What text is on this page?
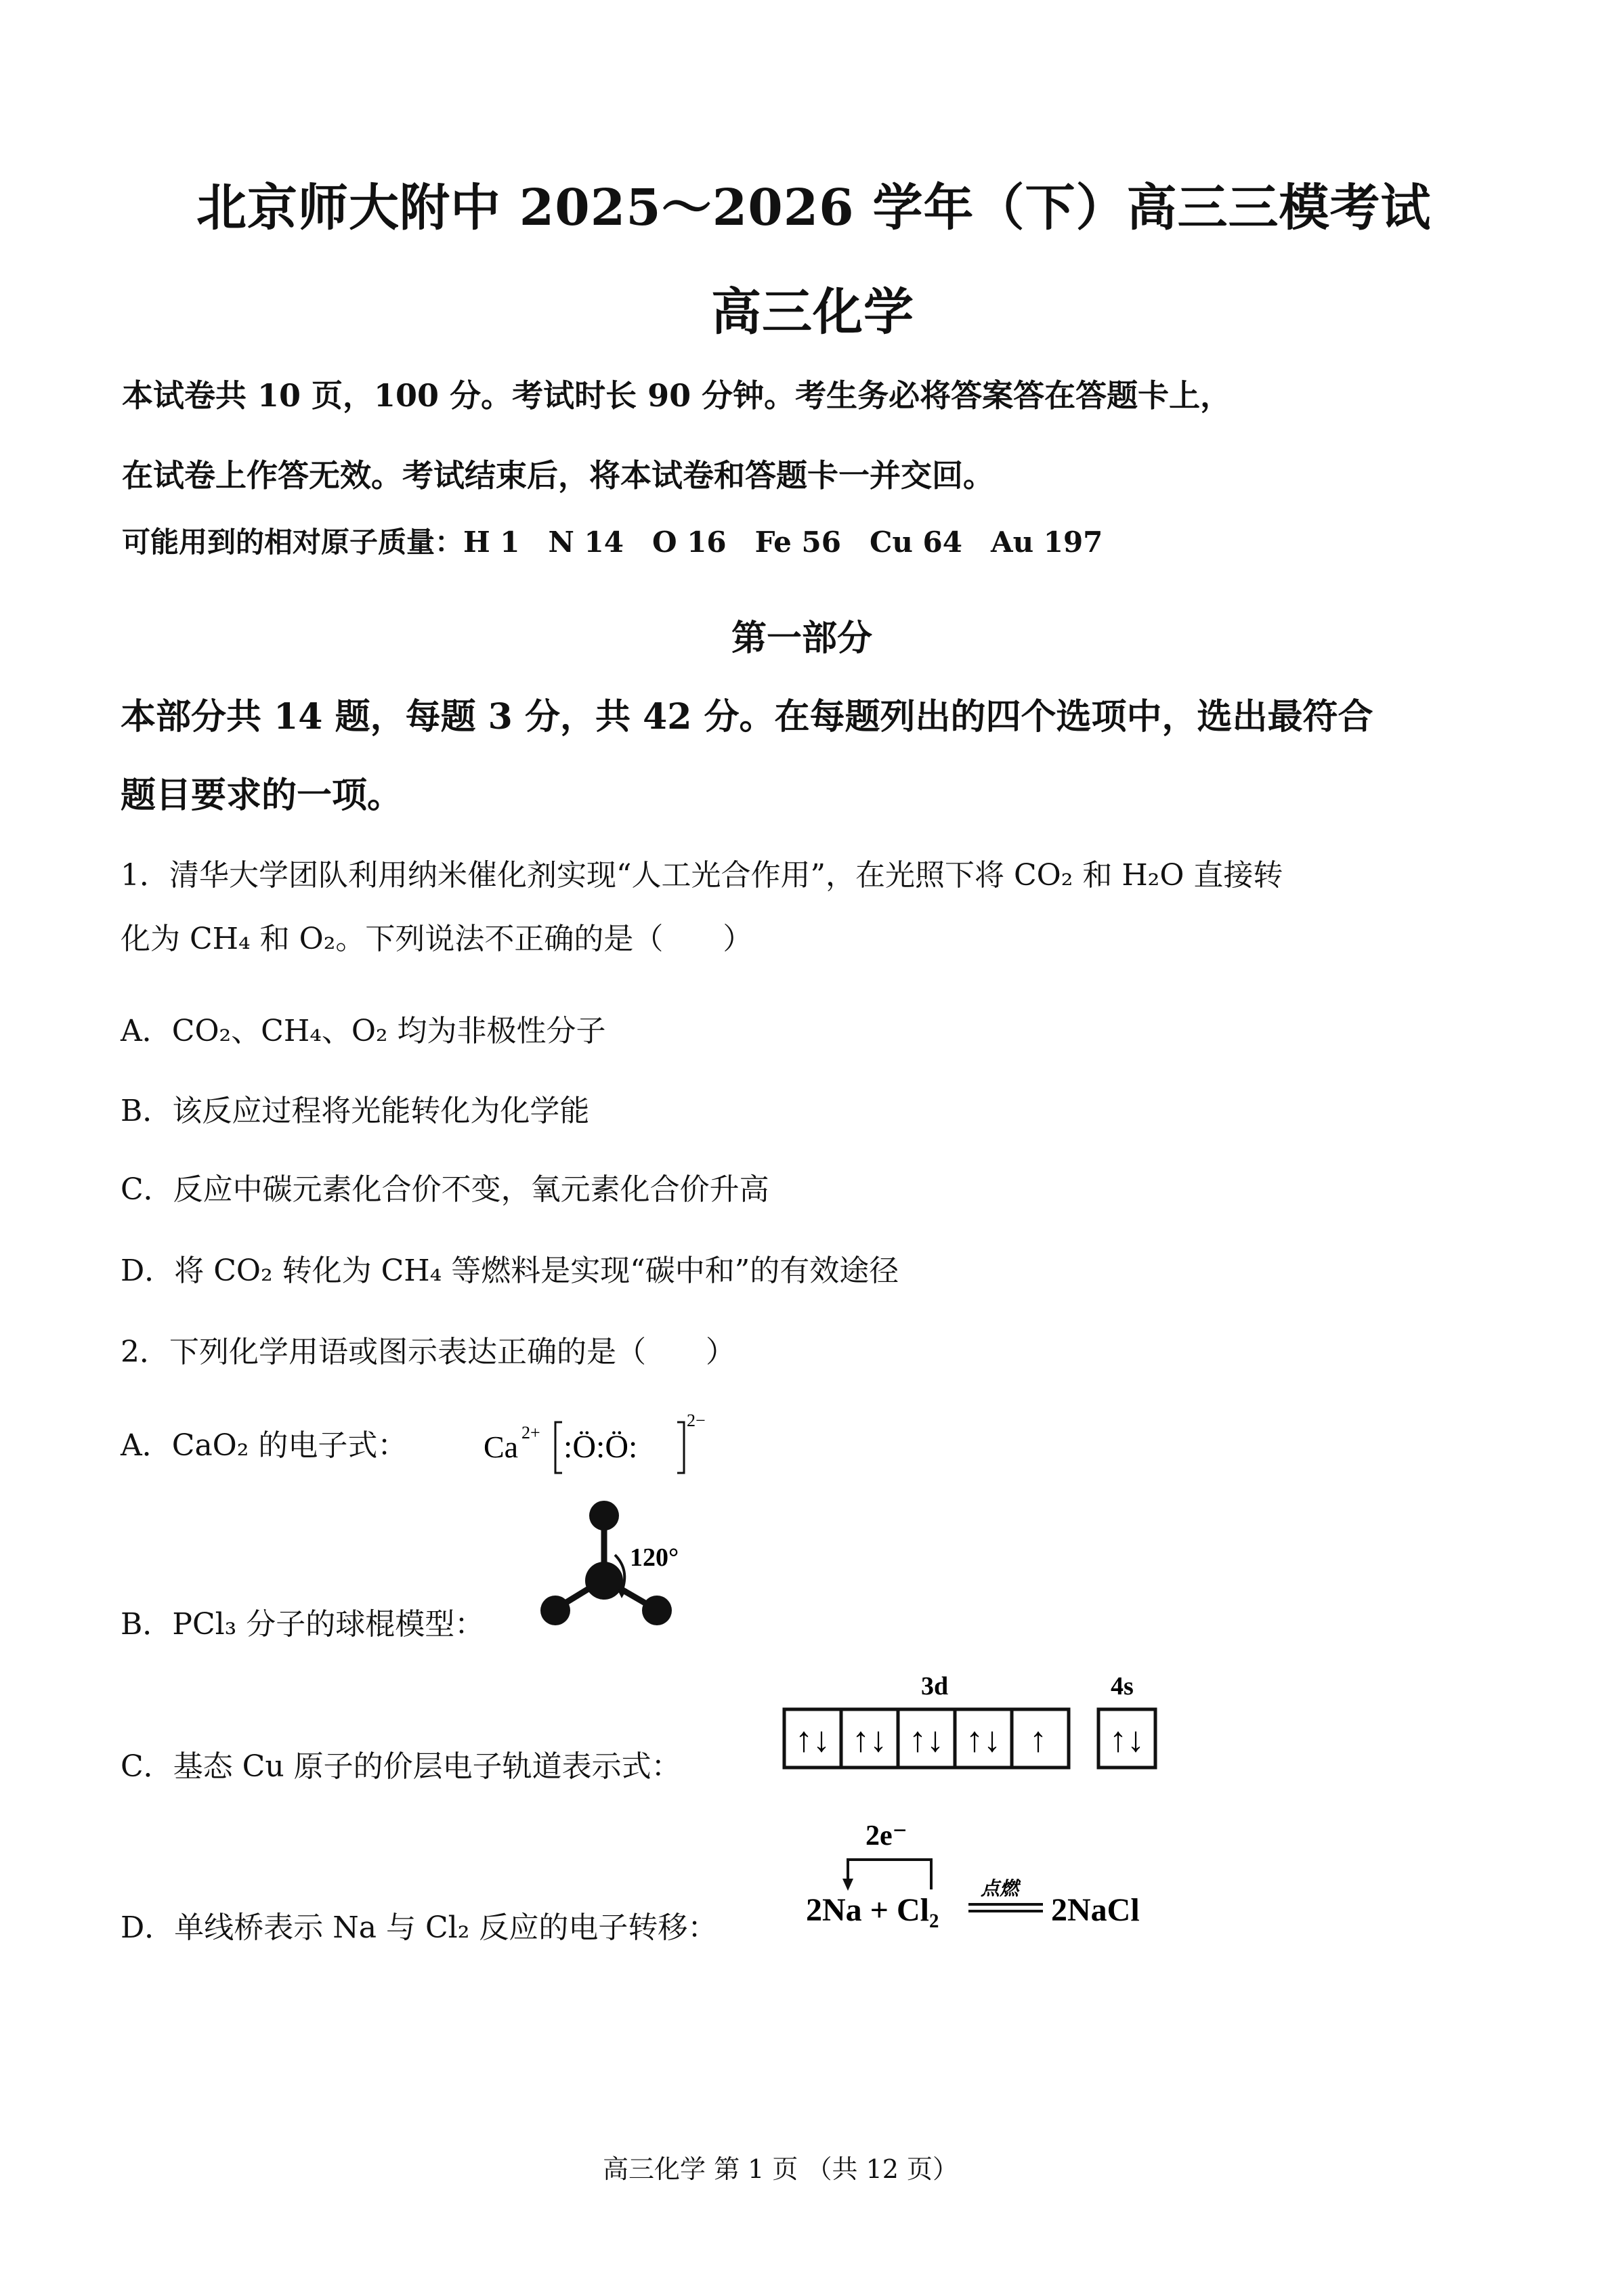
北京师大附中 2025～2026 学年（下）高三三模考试
高三化学
本试卷共 10 页，100 分。考试时长 90 分钟。考生务必将答案答在答题卡上，
在试卷上作答无效。考试结束后，将本试卷和答题卡一并交回。
可能用到的相对原子质量：H 1　N 14　O 16　Fe 56　Cu 64　Au 197
第一部分
本部分共 14 题，每题 3 分，共 42 分。在每题列出的四个选项中，选出最符合
题目要求的一项。
1．清华大学团队利用纳米催化剂实现“人工光合作用”，在光照下将 CO₂ 和 H₂O 直接转
化为 CH₄ 和 O₂。下列说法不正确的是（　　）
A．CO₂、CH₄、O₂ 均为非极性分子
B．该反应过程将光能转化为化学能
C．反应中碳元素化合价不变，氧元素化合价升高
D．将 CO₂ 转化为 CH₄ 等燃料是实现“碳中和”的有效途径
2．下列化学用语或图示表达正确的是（　　）
A．CaO₂ 的电子式： Ca 2+ :Ö:Ö:
2−
B．PCl₃ 分子的球棍模型：
120°
C．基态 Cu 原子的价层电子轨道表示式：
3d	4s
↑↓ ↑↓ ↑↓ ↑↓ ↑ ↑↓
D．单线桥表示 Na 与 Cl₂ 反应的电子转移：
2e⁻
2Na + Cl₂
点燃
2NaCl
高三化学 第 1 页 （共 12 页）
